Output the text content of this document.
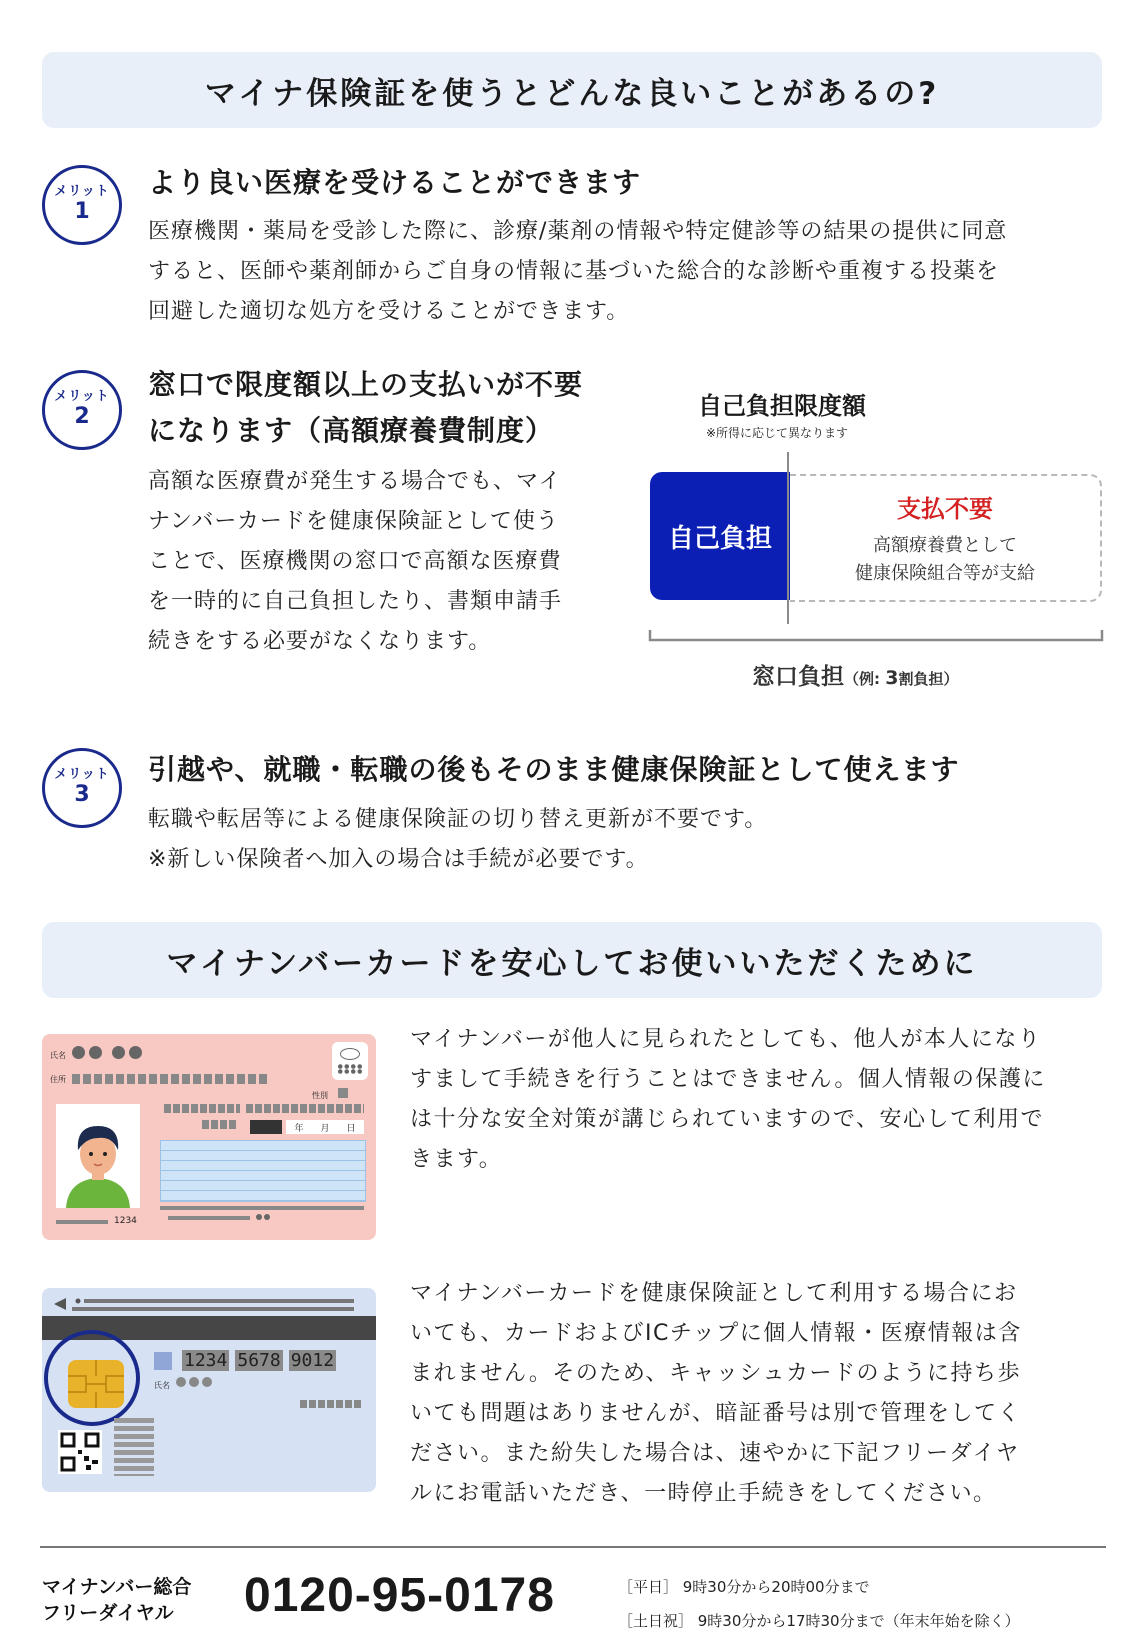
マイナ保険証を使うとどんな良いことがあるの?
メリット
1
より良い医療を受けることができます
医療機関・薬局を受診した際に、診療/薬剤の情報や特定健診等の結果の提供に同意
すると、医師や薬剤師からご自身の情報に基づいた総合的な診断や重複する投薬を
回避した適切な処方を受けることができます。
メリット
2
窓口で限度額以上の支払いが不要
になります（高額療養費制度）
高額な医療費が発生する場合でも、マイ
ナンバーカードを健康保険証として使う
ことで、医療機関の窓口で高額な医療費
を一時的に自己負担したり、書類申請手
続きをする必要がなくなります。
自己負担限度額
※所得に応じて異なります
自己負担
支払不要
高額療養費として
健康保険組合等が支給
窓口負担（例: 3割負担）
メリット
3
引越や、就職・転職の後もそのまま健康保険証として使えます
転職や転居等による健康保険証の切り替え更新が不要です。
※新しい保険者へ加入の場合は手続が必要です。
マイナンバーカードを安心してお使いいただくために
氏名
住所
性別
年 月 日
1234
1234 5678 9012
氏名
マイナンバーが他人に見られたとしても、他人が本人になり
すまして手続きを行うことはできません。個人情報の保護に
は十分な安全対策が講じられていますので、安心して利用で
きます。
マイナンバーカードを健康保険証として利用する場合にお
いても、カードおよびICチップに個人情報・医療情報は含
まれません。そのため、キャッシュカードのように持ち歩
いても問題はありませんが、暗証番号は別で管理をしてく
ださい。また紛失した場合は、速やかに下記フリーダイヤ
ルにお電話いただき、一時停止手続きをしてください。
マイナンバー総合
フリーダイヤル	0120-95-0178	［平日］ 9時30分から20時00分まで
［土日祝］ 9時30分から17時30分まで（年末年始を除く）
